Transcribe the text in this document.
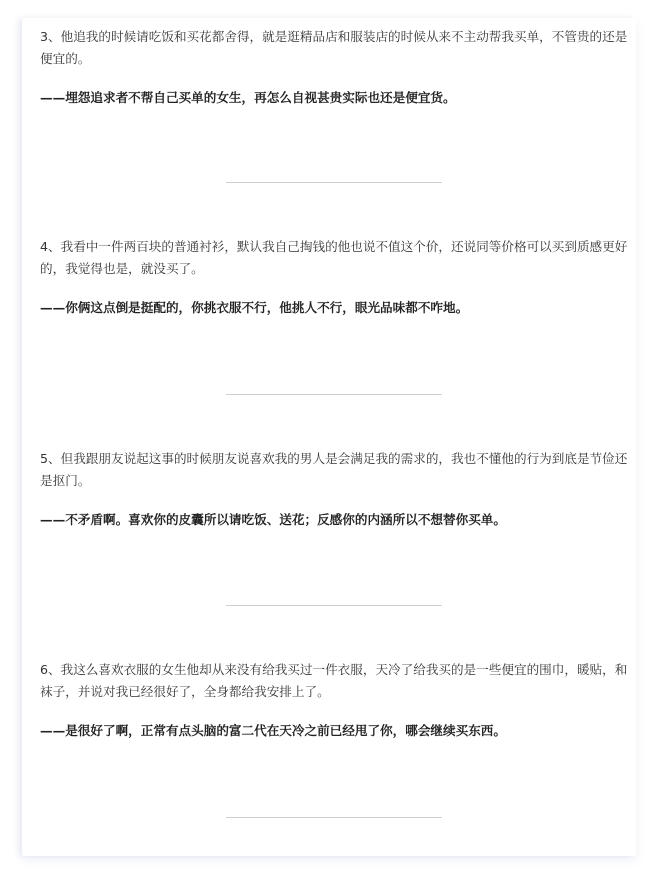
3、他追我的时候请吃饭和买花都舍得，就是逛精品店和服装店的时候从来不主动帮我买单，不管贵的还是便宜的。

——埋怨追求者不帮自己买单的女生，再怎么自视甚贵实际也还是便宜货。

4、我看中一件两百块的普通衬衫，默认我自己掏钱的他也说不值这个价，还说同等价格可以买到质感更好的，我觉得也是，就没买了。

——你俩这点倒是挺配的，你挑衣服不行，他挑人不行，眼光品味都不咋地。

5、但我跟朋友说起这事的时候朋友说喜欢我的男人是会满足我的需求的，我也不懂他的行为到底是节俭还是抠门。

——不矛盾啊。喜欢你的皮囊所以请吃饭、送花；反感你的内涵所以不想替你买单。

6、我这么喜欢衣服的女生他却从来没有给我买过一件衣服，天冷了给我买的是一些便宜的围巾，暖贴，和袜子，并说对我已经很好了，全身都给我安排上了。

——是很好了啊，正常有点头脑的富二代在天冷之前已经甩了你，哪会继续买东西。
